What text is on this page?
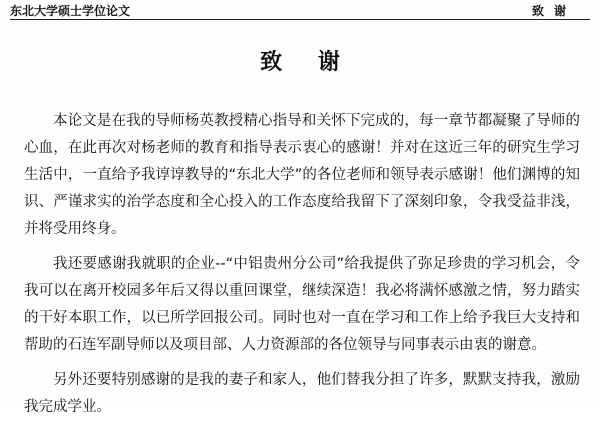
东北大学硕士学位论文	致谢
致 谢

本论文是在我的导师杨英教授精心指导和关怀下完成的，每一章节都凝聚了导师的心血，在此再次对杨老师的教育和指导表示衷心的感谢！并对在这近三年的研究生学习生活中，一直给予我谆谆教导的“东北大学”的各位老师和领导表示感谢！他们渊博的知识、严谨求实的治学态度和全心投入的工作态度给我留下了深刻印象，令我受益非浅，并将受用终身。

我还要感谢我就职的企业--“中铝贵州分公司”给我提供了弥足珍贵的学习机会，令我可以在离开校园多年后又得以重回课堂，继续深造！我必将满怀感激之情，努力踏实的干好本职工作，以已所学回报公司。同时也对一直在学习和工作上给予我巨大支持和帮助的石连军副导师以及项目部、人力资源部的各位领导与同事表示由衷的谢意。

另外还要特别感谢的是我的妻子和家人，他们替我分担了许多，默默支持我，激励我完成学业。
